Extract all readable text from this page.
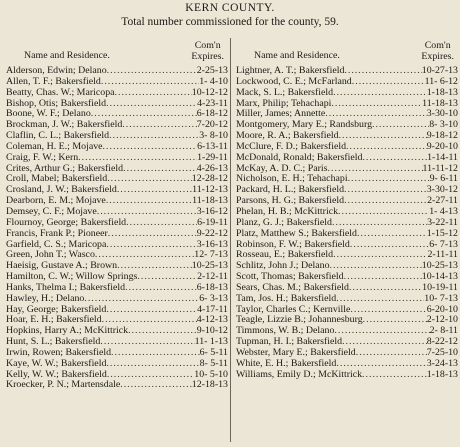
KERN COUNTY.
Total number commissioned for the county, 59.
Name and Residence.
Com'n
Expires.
Alderson, Edwin; Delano .....	2-25-13
Allen, T. F.; Bakersfield .....	1- 4-10
Beatty, Chas. W.; Maricopa .....	10-12-12
Bishop, Otis; Bakersfield .....	4-23-11
Boone, W. F.; Delano .....	6-18-12
Brockman, J. W.; Bakersfield .....	7-20-12
Claflin, C. L.; Bakersfield .....	3- 8-10
Coleman, H. E.; Mojave .....	6-13-11
Craig, F. W.; Kern .....	1-29-11
Crites, Arthur G.; Bakersfield .....	4-26-13
Croll, Mabel; Bakersfield .....	12-28-12
Crosland, J. W.; Bakersfield .....	11-12-13
Dearborn, E. M.; Mojave .....	11-18-13
Demsey, C. F.; Mojave .....	3-16-12
Flournoy, George; Bakersfield .....	6-19-11
Francis, Frank P.; Pioneer .....	9-22-12
Garfield, C. S.; Maricopa .....	3-16-13
Green, John T.; Wasco .....	12- 7-13
Haeisig, Gustave A.; Brown .....	10-25-13
Hamilton, C. W.; Willow Springs .....	2-12-11
Hanks, Thelma I.; Bakersfield .....	6-18-13
Hawley, H.; Delano .....	6- 3-13
Hay, George; Bakersfield .....	4-17-11
Hoar, E. H.; Bakersfield .....	4-12-13
Hopkins, Harry A.; McKittrick .....	9-10-12
Hunt, S. L.; Bakersfield .....	11- 1-13
Irwin, Rowen; Bakersfield .....	6- 5-11
Kaye, W. W.; Bakersfield .....	8- 5-11
Kelly, W. W.; Bakersfield .....	10- 5-10
Kroecker, P. N.; Martensdale .....	12-18-13
Name and Residence.
Com'n
Expires.
Lightner, A. T.; Bakersfield .....	10-27-13
Lockwood, C. E.; McFarland .....	11- 6-12
Mack, S. L.; Bakersfield .....	1-18-13
Marx, Philip; Tehachapi .....	11-18-13
Miller, James; Annette .....	3-30-10
Montgomery, Mary E.; Randsburg .....	8- 3-10
Moore, R. A.; Bakersfield .....	9-18-12
McClure, F. D.; Bakersfield .....	9-20-10
McDonald, Ronald; Bakersfield .....	1-14-11
McKay, A. D. C.; Paris .....	11-11-12
Nicholson, E. H.; Tehachapi .....	9- 6-11
Packard, H. L.; Bakersfield .....	3-30-12
Parsons, H. G.; Bakersfield .....	2-27-11
Phelan, H. B.; McKittrick .....	1- 4-13
Planz, G. J.; Bakersfield .....	3-22-11
Platz, Matthew S.; Bakersfield .....	1-15-12
Robinson, F. W.; Bakersfield .....	6- 7-13
Rosseau, E.; Bakersfield .....	2-11-11
Schlitz, John J.; Delano .....	10-25-13
Scott, Thomas; Bakersfield .....	10-14-13
Sears, Chas. M.; Bakersfield .....	10-19-11
Tam, Jos. H.; Bakersfield .....	10- 7-13
Taylor, Charles C.; Kernville .....	6-20-10
Teagle, Lizzie B.; Johannesburg .....	2-12-10
Timmons, W. B.; Delano .....	2- 8-11
Tupman, H. I.; Bakersfield .....	8-22-12
Webster, Mary E.; Bakersfield .....	7-25-10
White, E. H.; Bakersfield .....	3-24-13
Williams, Emily D.; McKittrick .....	1-18-13
